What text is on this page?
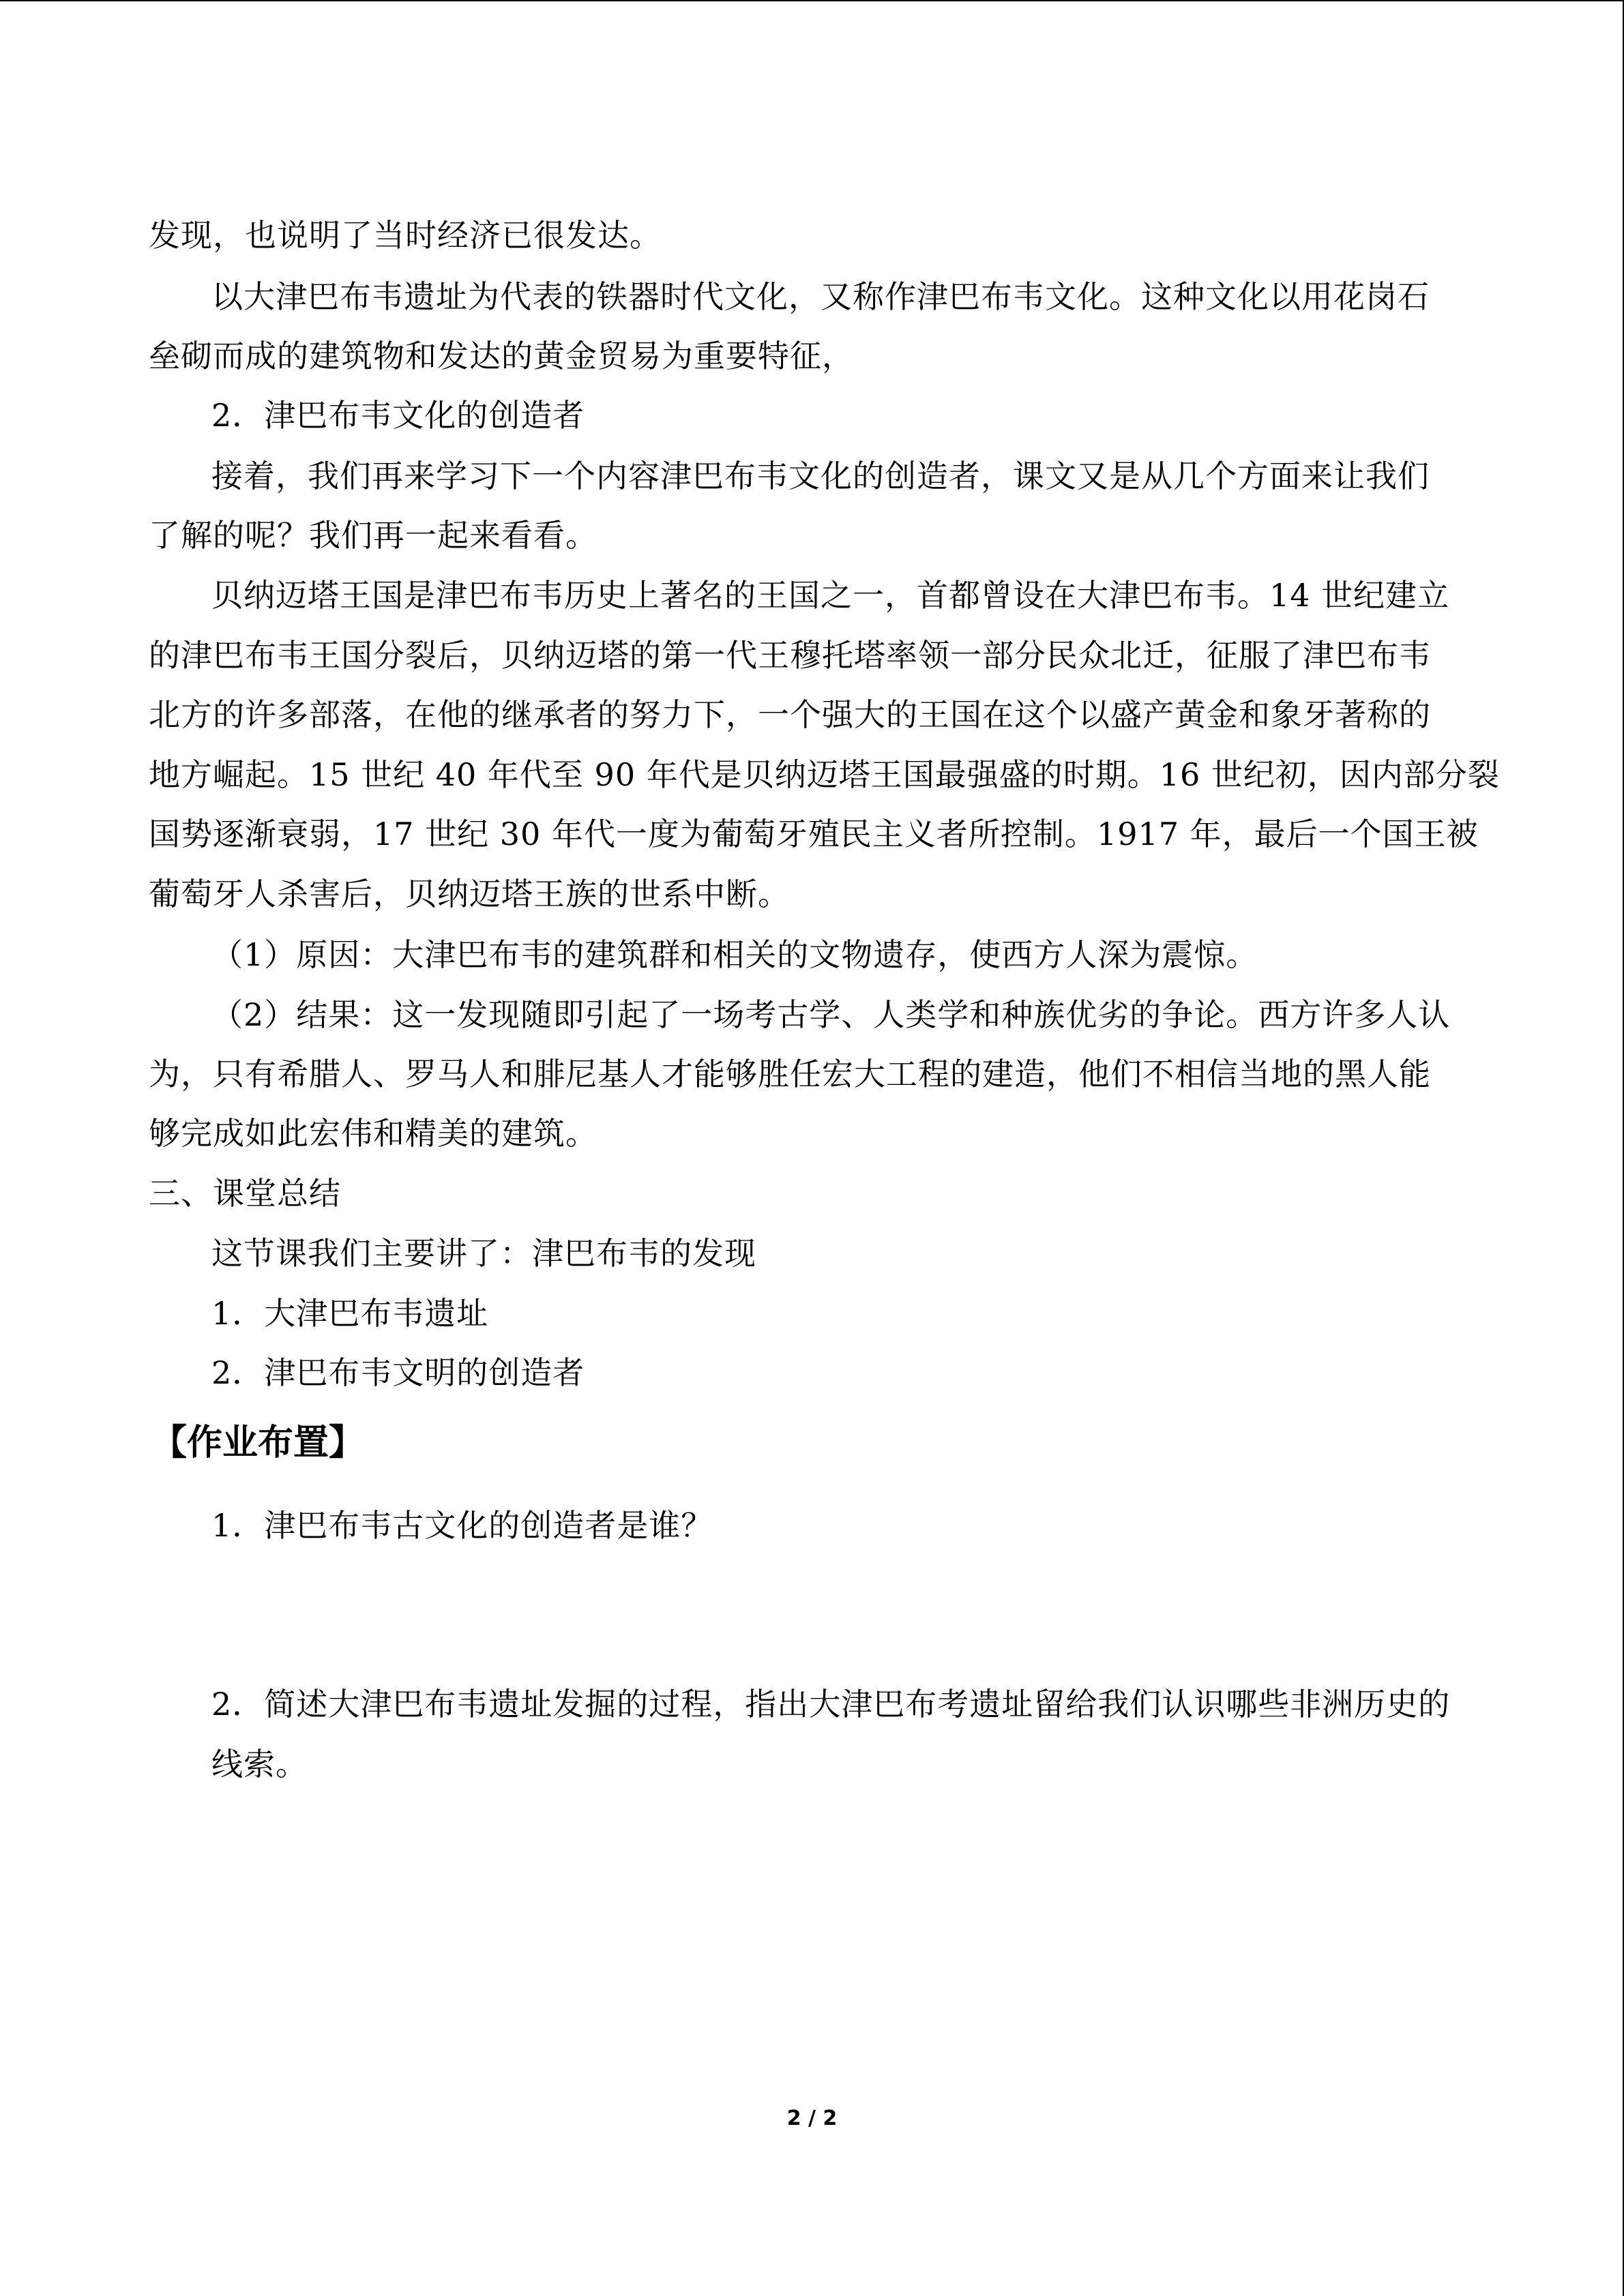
发现，也说明了当时经济已很发达。
以大津巴布韦遗址为代表的铁器时代文化，又称作津巴布韦文化。这种文化以用花岗石
垒砌而成的建筑物和发达的黄金贸易为重要特征，
2．津巴布韦文化的创造者
接着，我们再来学习下一个内容津巴布韦文化的创造者，课文又是从几个方面来让我们
了解的呢？我们再一起来看看。
贝纳迈塔王国是津巴布韦历史上著名的王国之一，首都曾设在大津巴布韦。14 世纪建立
的津巴布韦王国分裂后，贝纳迈塔的第一代王穆托塔率领一部分民众北迁，征服了津巴布韦
北方的许多部落，在他的继承者的努力下，一个强大的王国在这个以盛产黄金和象牙著称的
地方崛起。15 世纪 40 年代至 90 年代是贝纳迈塔王国最强盛的时期。16 世纪初，因内部分裂
国势逐渐衰弱，17 世纪 30 年代一度为葡萄牙殖民主义者所控制。1917 年，最后一个国王被
葡萄牙人杀害后，贝纳迈塔王族的世系中断。
（1）原因：大津巴布韦的建筑群和相关的文物遗存，使西方人深为震惊。
（2）结果：这一发现随即引起了一场考古学、人类学和种族优劣的争论。西方许多人认
为，只有希腊人、罗马人和腓尼基人才能够胜任宏大工程的建造，他们不相信当地的黑人能
够完成如此宏伟和精美的建筑。
三、课堂总结
这节课我们主要讲了：津巴布韦的发现
1．大津巴布韦遗址
2．津巴布韦文明的创造者
【作业布置】
1．津巴布韦古文化的创造者是谁？
2．简述大津巴布韦遗址发掘的过程，指出大津巴布考遗址留给我们认识哪些非洲历史的
线索。
2 / 2
